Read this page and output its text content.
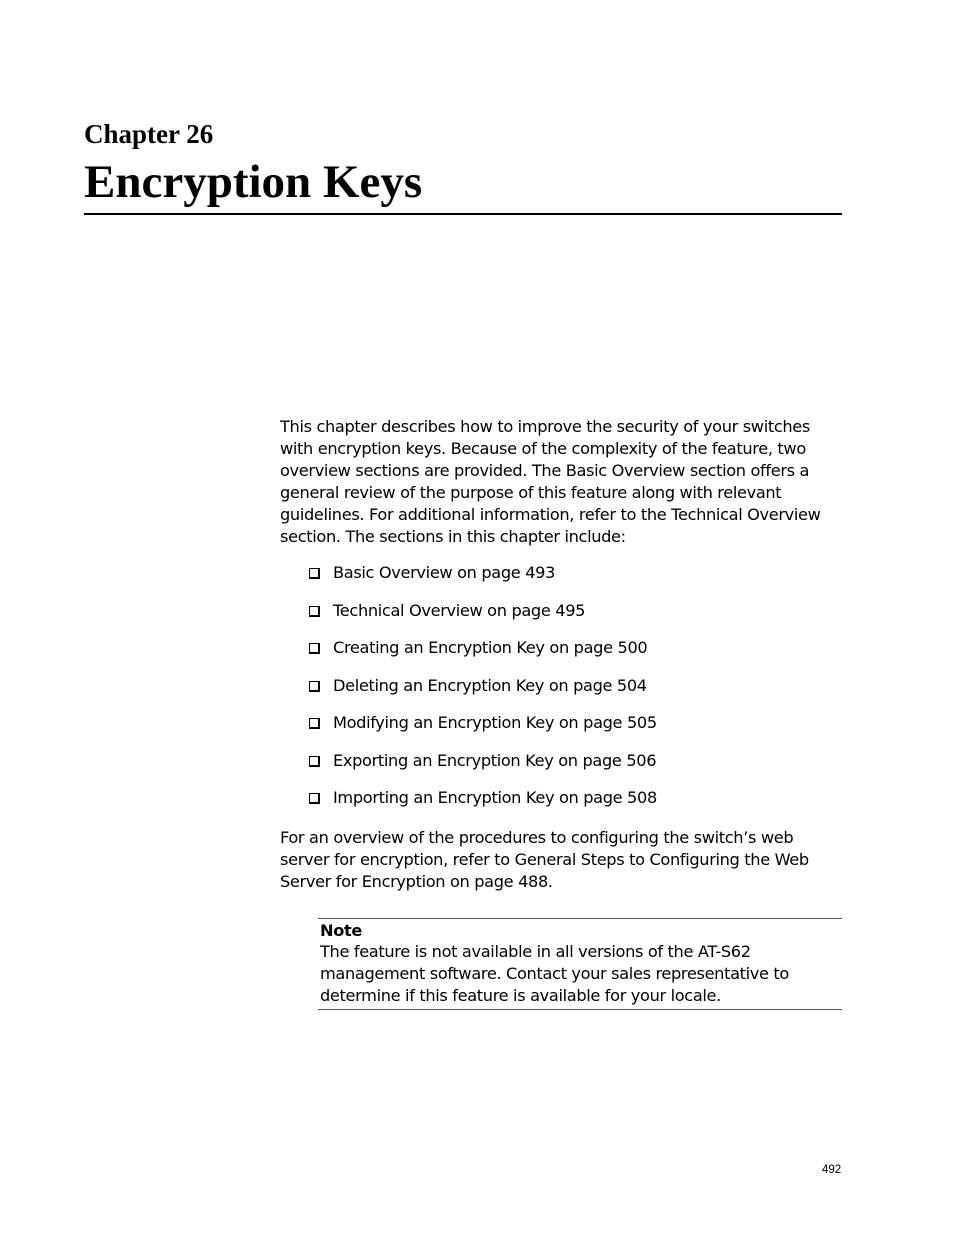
Chapter 26
Encryption Keys

This chapter describes how to improve the security of your switches with encryption keys. Because of the complexity of the feature, two overview sections are provided. The Basic Overview section offers a general review of the purpose of this feature along with relevant guidelines. For additional information, refer to the Technical Overview section. The sections in this chapter include:

Basic Overview on page 493
Technical Overview on page 495
Creating an Encryption Key on page 500
Deleting an Encryption Key on page 504
Modifying an Encryption Key on page 505
Exporting an Encryption Key on page 506
Importing an Encryption Key on page 508

For an overview of the procedures to configuring the switch’s web server for encryption, refer to General Steps to Configuring the Web Server for Encryption on page 488.

Note

The feature is not available in all versions of the AT-S62 management software. Contact your sales representative to determine if this feature is available for your locale.

492
